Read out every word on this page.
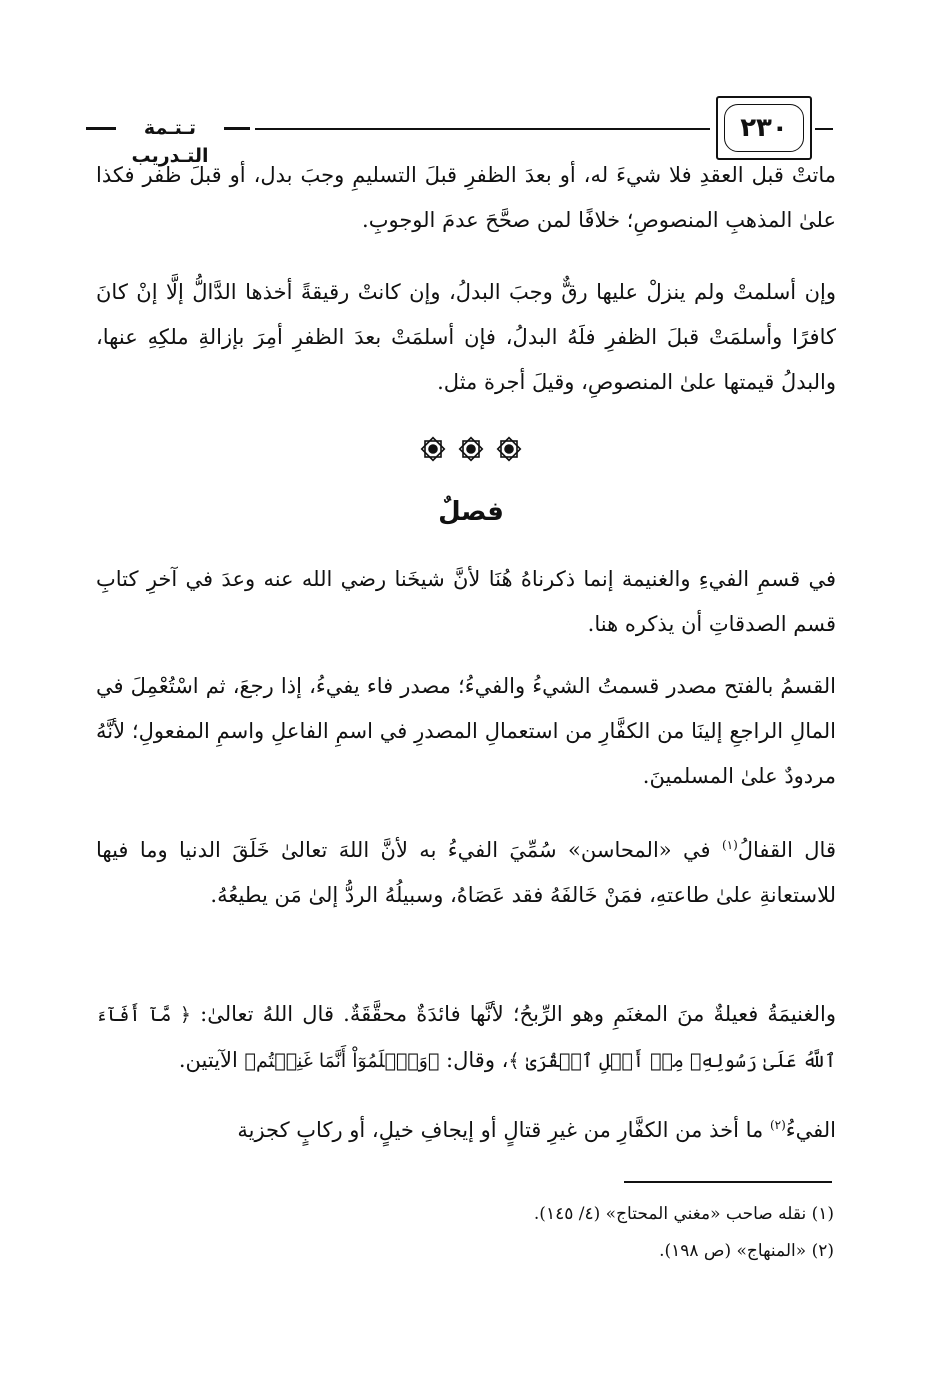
تـتـمة التـدريب
٢٣٠

ماتتْ قبل العقدِ فلا شيءَ له، أو بعدَ الظفرِ قبلَ التسليمِ وجبَ بدل، أو قبلَ ظفر فكذا علىٰ المذهبِ المنصوصِ؛ خلافًا لمن صحَّحَ عدمَ الوجوبِ.

وإن أسلمتْ ولم ينزلْ عليها رقٌّ وجبَ البدلُ، وإن كانتْ رقيقةً أخذها الدَّالُّ إلَّا إنْ كانَ كافرًا وأسلمَتْ قبلَ الظفرِ فلَهُ البدلُ، فإن أسلمَتْ بعدَ الظفرِ أمِرَ بإزالةِ ملكِهِ عنها، والبدلُ قيمتها علىٰ المنصوصِ، وقيلَ أجرة مثل.

فصلٌ

في قسمِ الفيءِ والغنيمة إنما ذكرناهُ هُنَا لأنَّ شيخَنا رضي الله عنه وعدَ في آخرِ كتابِ قسم الصدقاتِ أن يذكره هنا.

القسمُ بالفتح مصدر قسمتُ الشيءُ والفيءُ؛ مصدر فاء يفيءُ، إذا رجعَ، ثم اسْتُعْمِلَ في المالِ الراجعِ إلينَا من الكفَّارِ من استعمالِ المصدرِ في اسمِ الفاعلِ واسمِ المفعولِ؛ لأنَّهُ مردودٌ علىٰ المسلمينَ.

قال القفالُ$^{(١)}$ في «المحاسن» سُمِّيَ الفيءُ به لأنَّ اللهَ تعالىٰ خَلَقَ الدنيا وما فيها للاستعانةِ علىٰ طاعتهِ، فمَنْ خَالفَهُ فقد عَصَاهُ، وسبيلُهُ الردُّ إلىٰ مَن يطيعُهُ.

والغنيمَةُ فعيلةٌ منَ المغنَمِ وهو الرِّبحُ؛ لأنَّها فائدَةٌ محقَّقَةٌ. قال اللهُ تعالىٰ: ﴿ مَّآ أَفَآءَ ٱللَّهُ عَلَىٰ رَسُولِهِۦ مِنۡ أَهۡلِ ٱلۡقُرَىٰ ﴾، وقال: ﴿وَٱعۡلَمُوٓاْ أَنَّمَا غَنِمۡتُم﴾ الآيتين.

الفيءُ$^{(٢)}$ ما أخذ من الكفَّارِ من غيرِ قتالٍ أو إيجافِ خيلٍ، أو ركابٍ كجزية

(١) نقله صاحب «مغني المحتاج» (٤/ ١٤٥).

(٢) «المنهاج» (ص ١٩٨).
